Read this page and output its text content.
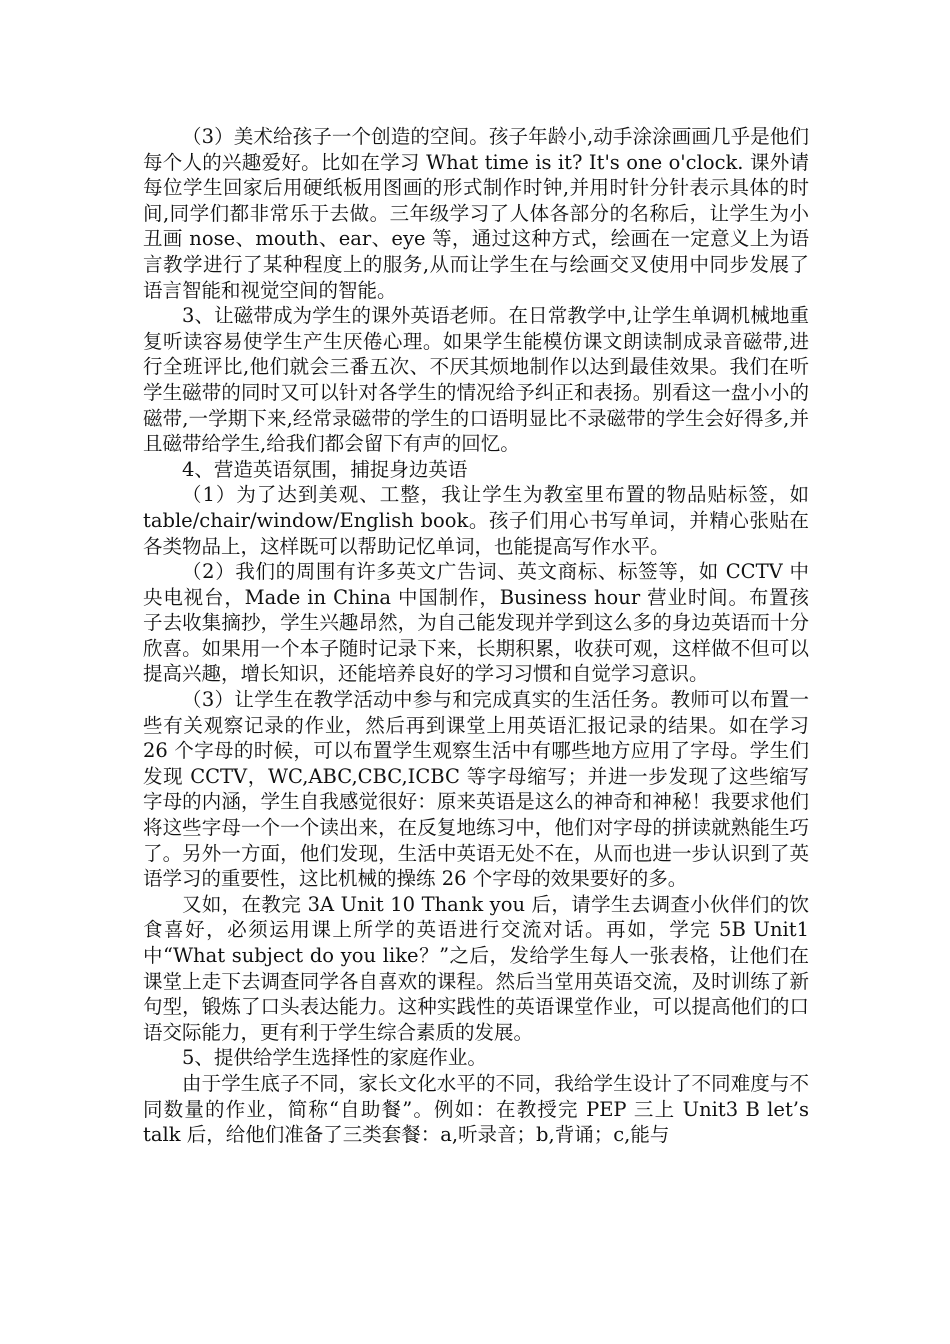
（3）美术给孩子一个创造的空间。孩子年龄小,动手涂涂画画几乎是他们每个人的兴趣爱好。比如在学习 What time is it? It's one o'clock. 课外请每位学生回家后用硬纸板用图画的形式制作时钟,并用时针分针表示具体的时间,同学们都非常乐于去做。三年级学习了人体各部分的名称后，让学生为小丑画 nose、mouth、ear、eye 等，通过这种方式，绘画在一定意义上为语言教学进行了某种程度上的服务,从而让学生在与绘画交叉使用中同步发展了语言智能和视觉空间的智能。

3、让磁带成为学生的课外英语老师。在日常教学中,让学生单调机械地重复听读容易使学生产生厌倦心理。如果学生能模仿课文朗读制成录音磁带,进行全班评比,他们就会三番五次、不厌其烦地制作以达到最佳效果。我们在听学生磁带的同时又可以针对各学生的情况给予纠正和表扬。别看这一盘小小的磁带,一学期下来,经常录磁带的学生的口语明显比不录磁带的学生会好得多,并且磁带给学生,给我们都会留下有声的回忆。

4、营造英语氛围，捕捉身边英语

（1）为了达到美观、工整，我让学生为教室里布置的物品贴标签，如 table/chair/window/English book。孩子们用心书写单词，并精心张贴在各类物品上，这样既可以帮助记忆单词，也能提高写作水平。

（2）我们的周围有许多英文广告词、英文商标、标签等，如 CCTV 中央电视台，Made in China 中国制作，Business hour 营业时间。布置孩子去收集摘抄，学生兴趣昂然，为自己能发现并学到这么多的身边英语而十分欣喜。如果用一个本子随时记录下来，长期积累，收获可观，这样做不但可以提高兴趣，增长知识，还能培养良好的学习习惯和自觉学习意识。

（3）让学生在教学活动中参与和完成真实的生活任务。教师可以布置一些有关观察记录的作业，然后再到课堂上用英语汇报记录的结果。如在学习 26 个字母的时候，可以布置学生观察生活中有哪些地方应用了字母。学生们发现 CCTV，WC,ABC,CBC,ICBC 等字母缩写；并进一步发现了这些缩写字母的内涵，学生自我感觉很好：原来英语是这么的神奇和神秘！我要求他们将这些字母一个一个读出来，在反复地练习中，他们对字母的拼读就熟能生巧了。另外一方面，他们发现，生活中英语无处不在，从而也进一步认识到了英语学习的重要性，这比机械的操练 26 个字母的效果要好的多。

又如，在教完 3A Unit 10 Thank you 后，请学生去调查小伙伴们的饮食喜好，必须运用课上所学的英语进行交流对话。再如，学完 5B Unit1 中“What subject do you like？”之后，发给学生每人一张表格，让他们在课堂上走下去调查同学各自喜欢的课程。然后当堂用英语交流，及时训练了新句型，锻炼了口头表达能力。这种实践性的英语课堂作业，可以提高他们的口语交际能力，更有利于学生综合素质的发展。

5、提供给学生选择性的家庭作业。

由于学生底子不同，家长文化水平的不同，我给学生设计了不同难度与不同数量的作业，简称“自助餐”。例如：在教授完 PEP 三上 Unit3 B let’s talk 后，给他们准备了三类套餐：a,听录音；b,背诵；c,能与
